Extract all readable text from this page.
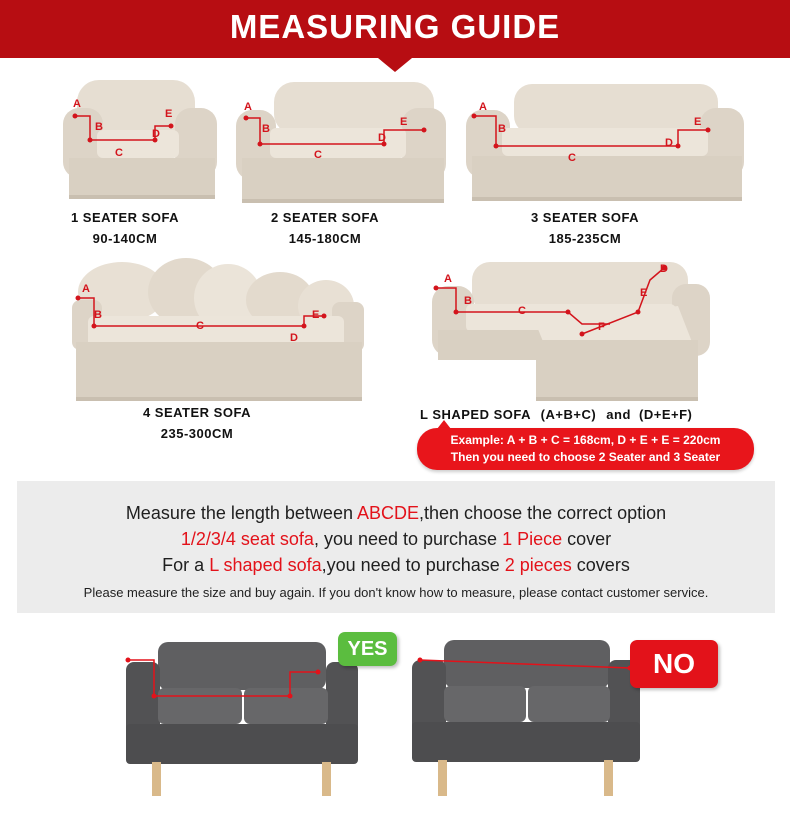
MEASURING GUIDE
A
B
C
D
E
1 SEATER SOFA
90-140CM
A
B
C
D
E
2 SEATER SOFA
145-180CM
A
B
C
D
E
3 SEATER SOFA
185-235CM
A
B
C
D
E
4 SEATER SOFA
235-300CM
A
B
C
D
E
F
L SHAPED SOFA (A+B+C) and (D+E+F)
Example: A + B + C = 168cm, D + E + E = 220cm
Then you need to choose 2 Seater and 3 Seater
Measure the length between ABCDE,then choose the correct option
1/2/3/4 seat sofa, you need to purchase 1 Piece cover
For a L shaped sofa,you need to purchase 2 pieces covers
Please measure the size and buy again. If you don't know how to measure, please contact customer service.
YES	NO
